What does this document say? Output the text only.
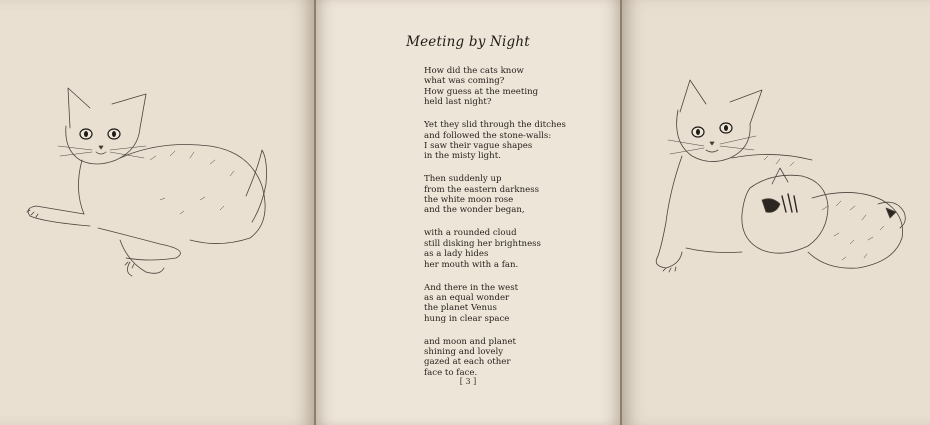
Meeting by Night
How did the cats know
what was coming?
How guess at the meeting
held last night?
Yet they slid through the ditches
and followed the stone-walls:
I saw their vague shapes
in the misty light.
Then suddenly up
from the eastern darkness
the white moon rose
and the wonder began,
with a rounded cloud
still disking her brightness
as a lady hides
her mouth with a fan.
And there in the west
as an equal wonder
the planet Venus
hung in clear space
and moon and planet
shining and lovely
gazed at each other
face to face.
[ 3 ]
